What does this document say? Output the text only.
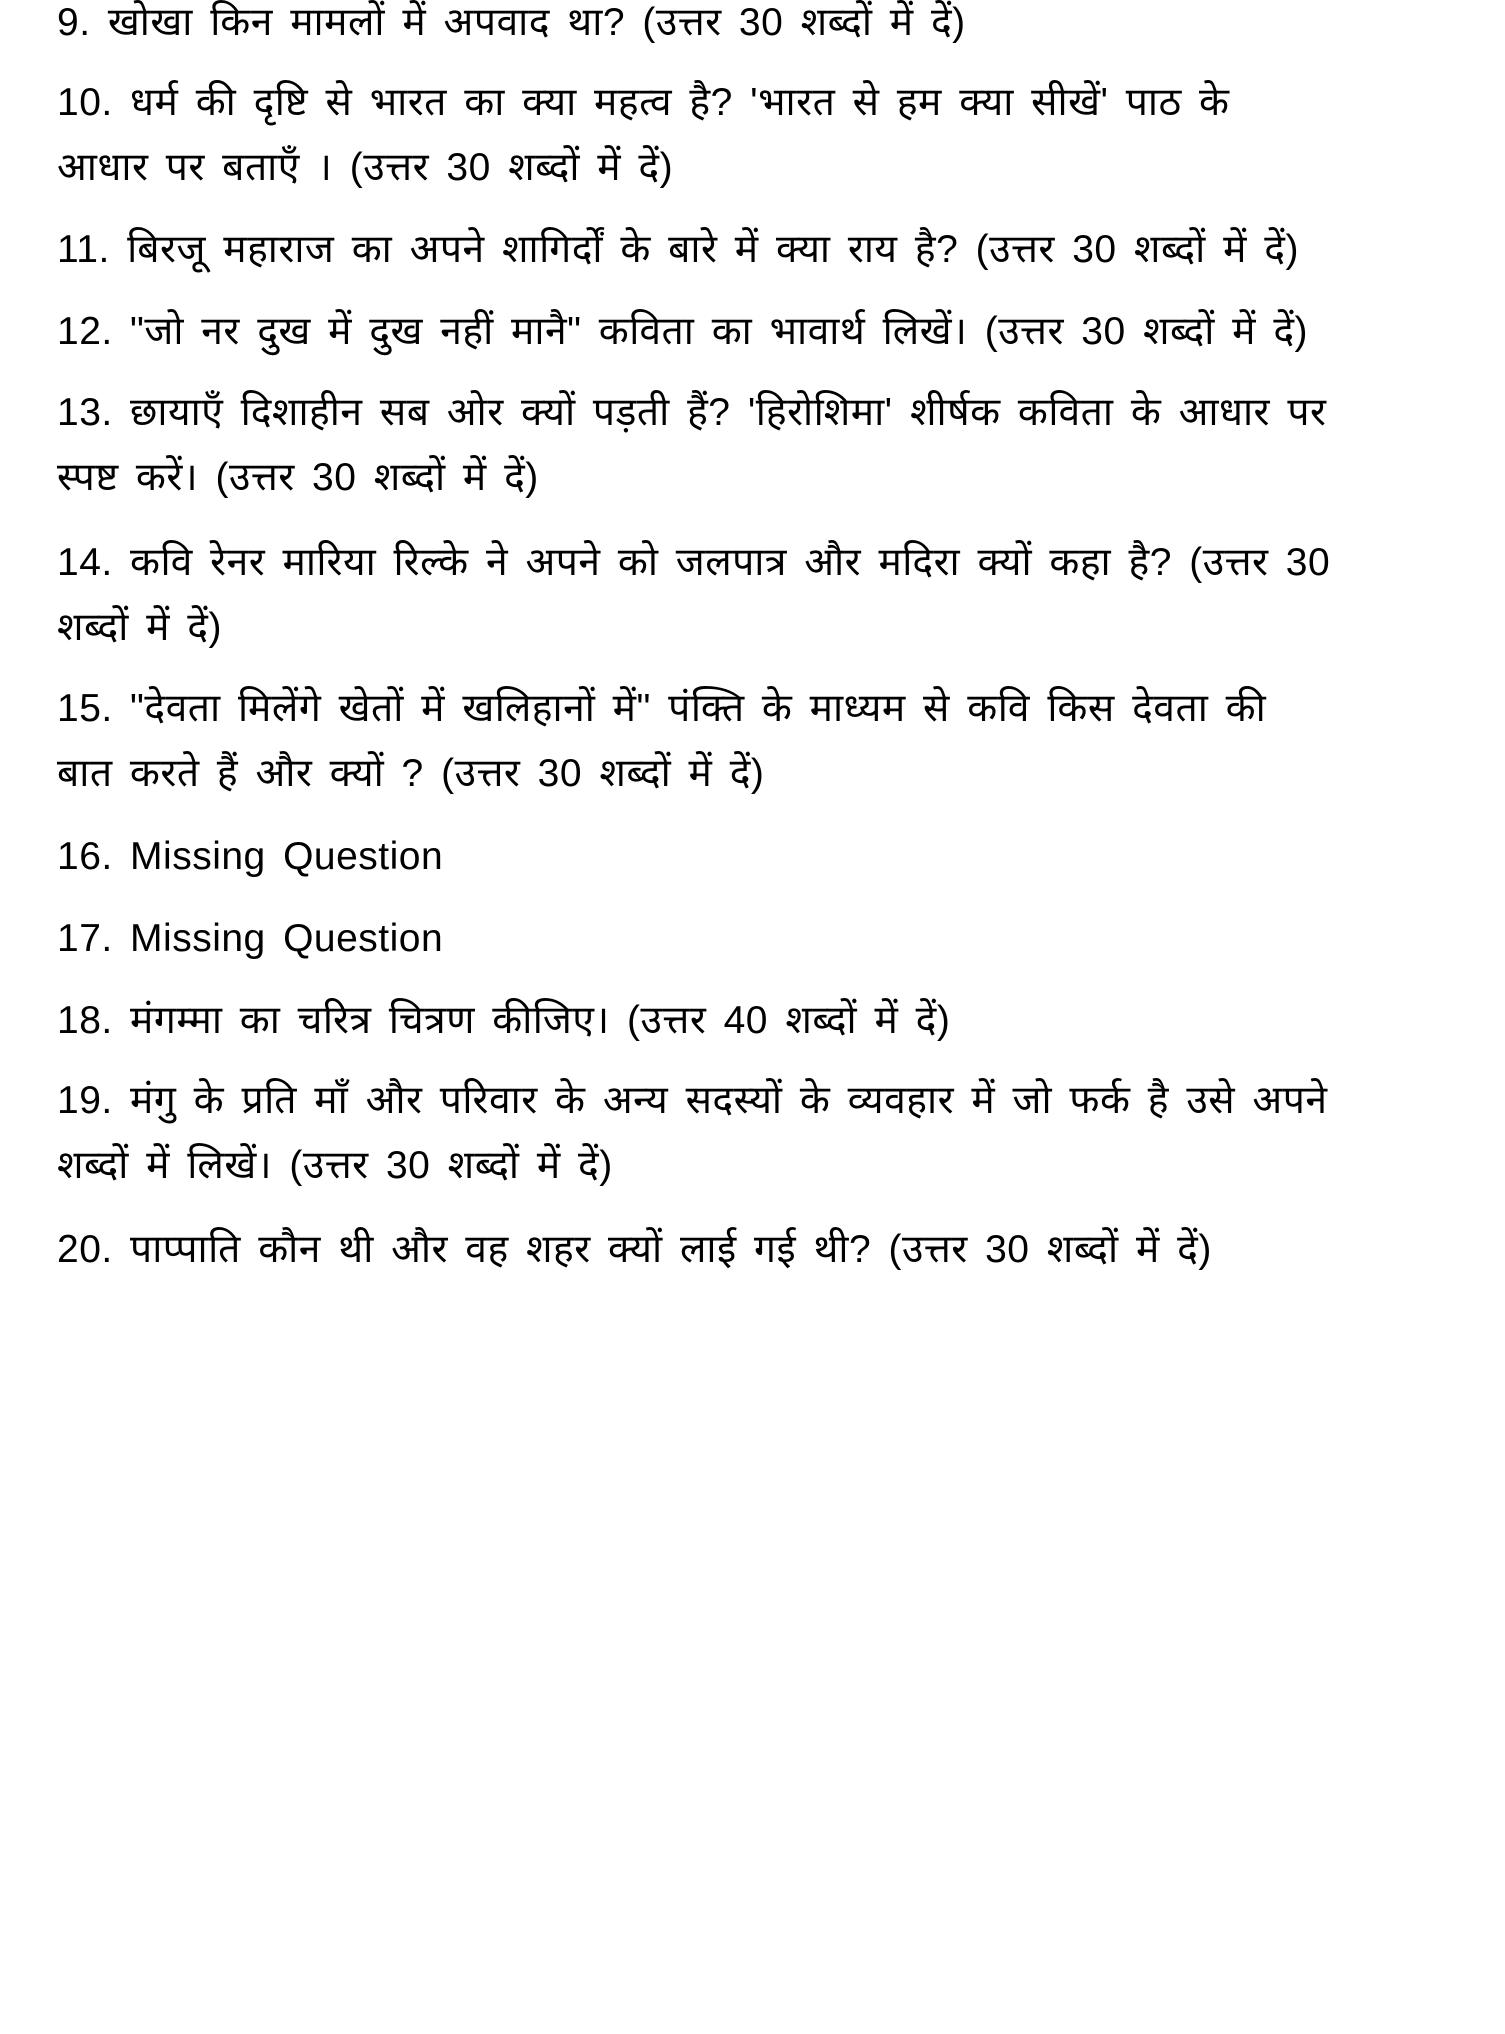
9. खोखा किन मामलों में अपवाद था? (उत्तर 30 शब्दों में दें)
10. धर्म की दृष्टि से भारत का क्या महत्व है? 'भारत से हम क्या सीखें' पाठ के
आधार पर बताएँ । (उत्तर 30 शब्दों में दें)
11. बिरजू महाराज का अपने शागिर्दों के बारे में क्या राय है? (उत्तर 30 शब्दों में दें)
12. "जो नर दुख में दुख नहीं मानै" कविता का भावार्थ लिखें। (उत्तर 30 शब्दों में दें)
13. छायाएँ दिशाहीन सब ओर क्यों पड़ती हैं? 'हिरोशिमा' शीर्षक कविता के आधार पर
स्पष्ट करें। (उत्तर 30 शब्दों में दें)
14. कवि रेनर मारिया रिल्के ने अपने को जलपात्र और मदिरा क्यों कहा है? (उत्तर 30
शब्दों में दें)
15. "देवता मिलेंगे खेतों में खलिहानों में" पंक्ति के माध्यम से कवि किस देवता की
बात करते हैं और क्यों ? (उत्तर 30 शब्दों में दें)
16. Missing Question
17. Missing Question
18. मंगम्मा का चरित्र चित्रण कीजिए। (उत्तर 40 शब्दों में दें)
19. मंगु के प्रति माँ और परिवार के अन्य सदस्यों के व्यवहार में जो फर्क है उसे अपने
शब्दों में लिखें। (उत्तर 30 शब्दों में दें)
20. पाप्पाति कौन थी और वह शहर क्यों लाई गई थी? (उत्तर 30 शब्दों में दें)
